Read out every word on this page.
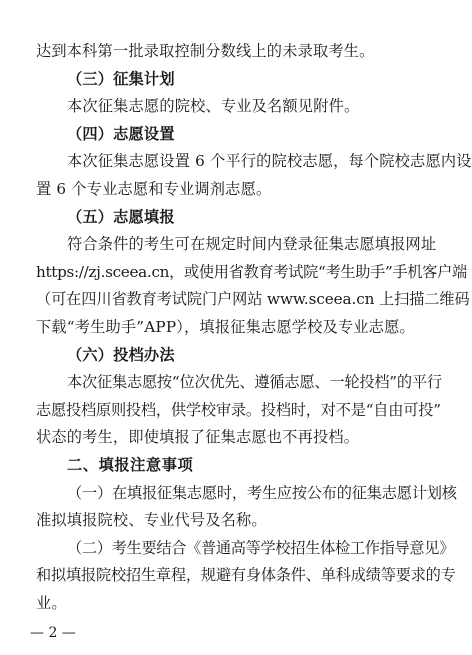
达到本科第一批录取控制分数线上的未录取考生。
（三）征集计划
本次征集志愿的院校、专业及名额见附件。
（四）志愿设置
本次征集志愿设置 6 个平行的院校志愿，每个院校志愿内设
置 6 个专业志愿和专业调剂志愿。
（五）志愿填报
符合条件的考生可在规定时间内登录征集志愿填报网址
https://zj.sceea.cn，或使用省教育考试院“考生助手”手机客户端
（可在四川省教育考试院门户网站 www.sceea.cn 上扫描二维码
下载“考生助手”APP），填报征集志愿学校及专业志愿。
（六）投档办法
本次征集志愿按“位次优先、遵循志愿、一轮投档”的平行
志愿投档原则投档，供学校审录。投档时，对不是“自由可投”
状态的考生，即使填报了征集志愿也不再投档。
二、填报注意事项
（一）在填报征集志愿时，考生应按公布的征集志愿计划核
准拟填报院校、专业代号及名称。
（二）考生要结合《普通高等学校招生体检工作指导意见》
和拟填报院校招生章程，规避有身体条件、单科成绩等要求的专
业。
— 2 —
